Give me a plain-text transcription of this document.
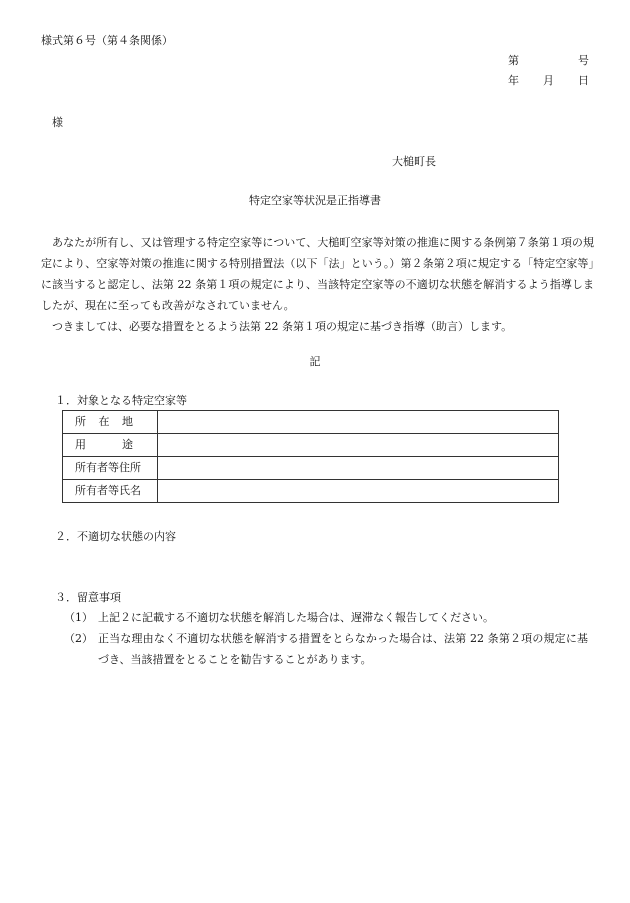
様式第６号（第４条関係）
第	号
年 月 日
様
大槌町長
特定空家等状況是正指導書

あなたが所有し、又は管理する特定空家等について、大槌町空家等対策の推進に関する条例第７条第１項の規定により、空家等対策の推進に関する特別措置法（以下「法」という。）第２条第２項に規定する「特定空家等」に該当すると認定し、法第 22 条第１項の規定により、当該特定空家等の不適切な状態を解消するよう指導しましたが、現在に至っても改善がなされていません。

つきましては、必要な措置をとるよう法第 22 条第１項の規定に基づき指導（助言）します。

記
１．対象となる特定空家等
所 在 地	

用 途	

所有者等住所	
所有者等氏名	
２．不適切な状態の内容
３．留意事項
（1） 上記２に記載する不適切な状態を解消した場合は、遅滞なく報告してください。
（2） 正当な理由なく不適切な状態を解消する措置をとらなかった場合は、法第 22 条第２項の規定に基づき、当該措置をとることを勧告することがあります。
